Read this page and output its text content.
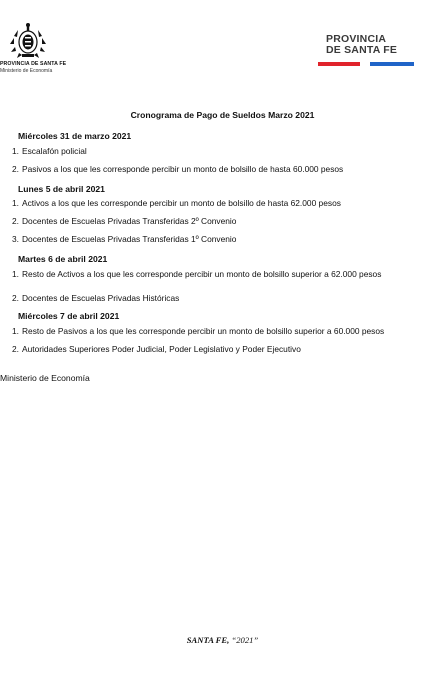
PROVINCIA DE SANTA FE
Ministerio de Economía
PROVINCIA
DE SANTA FE
Cronograma de Pago de Sueldos Marzo 2021
Miércoles 31 de marzo 2021
1. Escalafón policial
2. Pasivos a los que les corresponde percibir un monto de bolsillo de hasta 60.000 pesos
Lunes 5 de abril 2021
1. Activos a los que les corresponde percibir un monto de bolsillo de hasta 62.000 pesos
2. Docentes de Escuelas Privadas Transferidas 2º Convenio
3. Docentes de Escuelas Privadas Transferidas 1º Convenio
Martes 6 de abril 2021
1. Resto de Activos a los que les corresponde percibir un monto de bolsillo superior a 62.000 pesos
2. Docentes de Escuelas Privadas Históricas
Miércoles 7 de abril 2021
1. Resto de Pasivos a los que les corresponde percibir un monto de bolsillo superior a 60.000 pesos
2. Autoridades Superiores Poder Judicial, Poder Legislativo y Poder Ejecutivo
Ministerio de Economía
SANTA FE, “2021”
